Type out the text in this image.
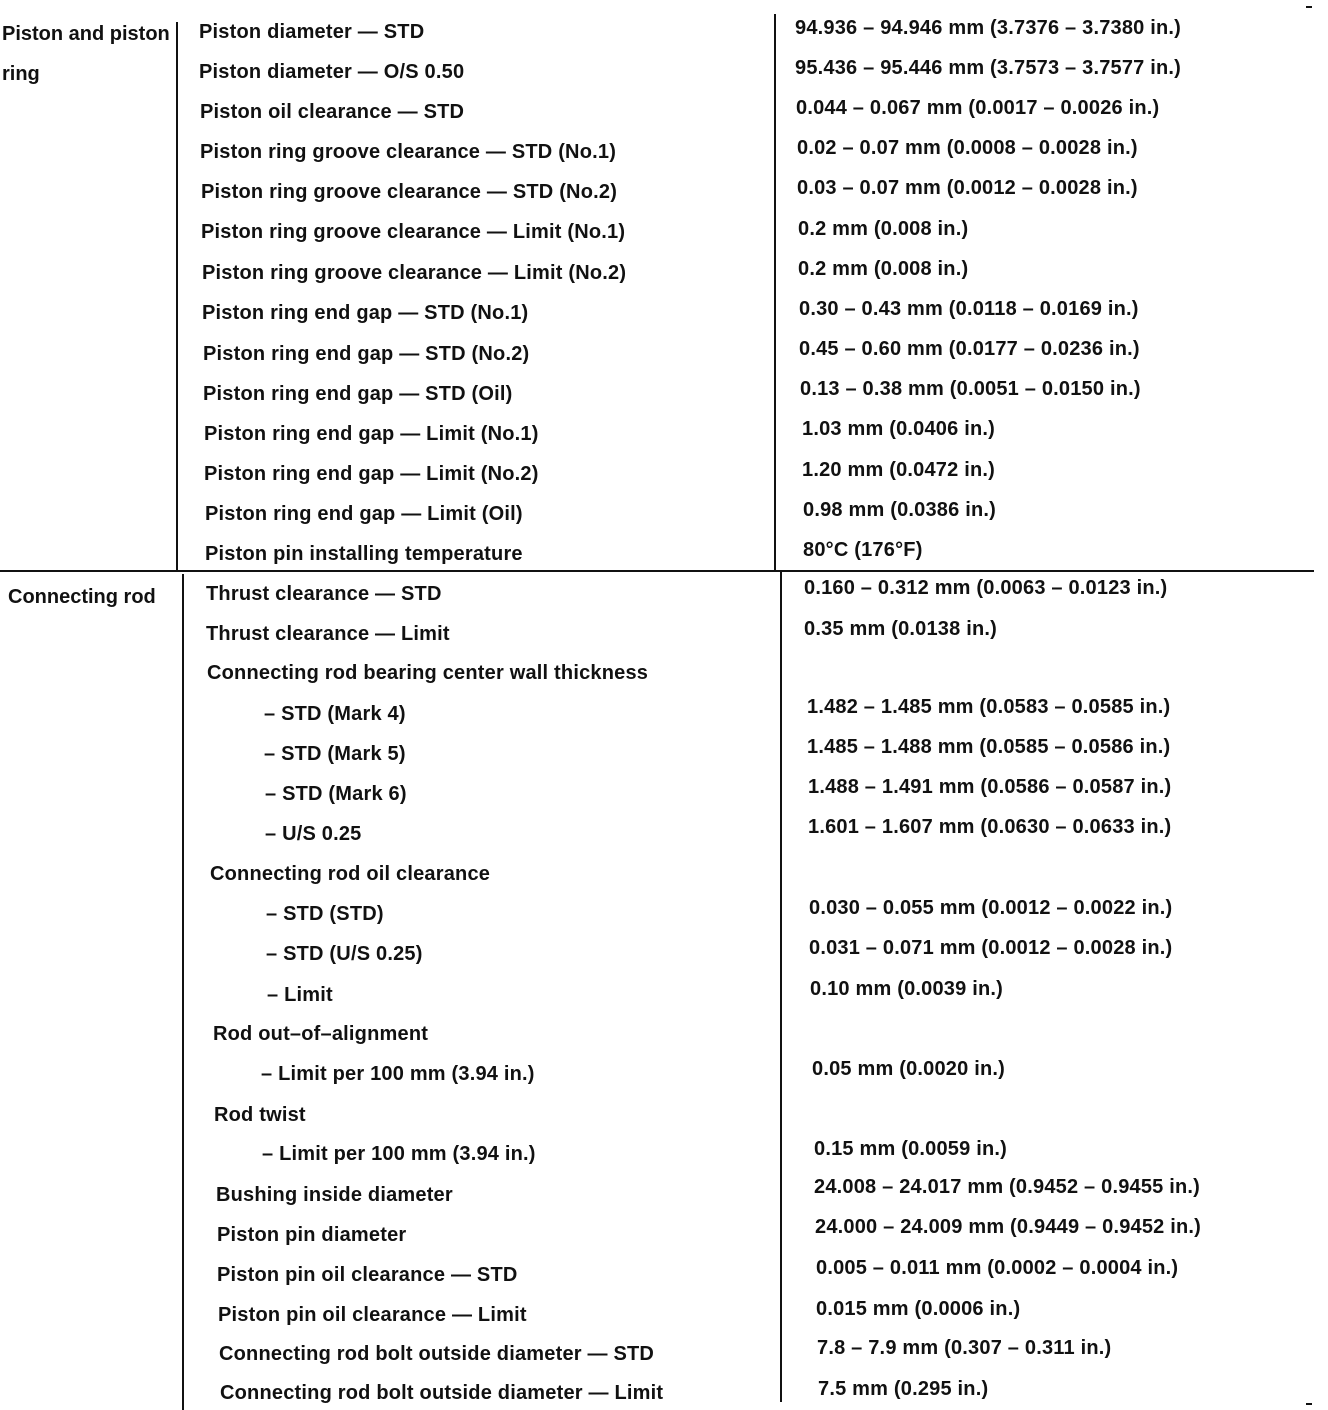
Piston and piston ring
Connecting rod
Piston diameter — STD	94.936 – 94.946 mm (3.7376 – 3.7380 in.)
Piston diameter — O/S 0.50	95.436 – 95.446 mm (3.7573 – 3.7577 in.)
Piston oil clearance — STD	0.044 – 0.067 mm (0.0017 – 0.0026 in.)
Piston ring groove clearance — STD (No.1)	0.02 – 0.07 mm (0.0008 – 0.0028 in.)
Piston ring groove clearance — STD (No.2)	0.03 – 0.07 mm (0.0012 – 0.0028 in.)
Piston ring groove clearance — Limit (No.1)	0.2 mm (0.008 in.)
Piston ring groove clearance — Limit (No.2)	0.2 mm (0.008 in.)
Piston ring end gap — STD (No.1)	0.30 – 0.43 mm (0.0118 – 0.0169 in.)
Piston ring end gap — STD (No.2)	0.45 – 0.60 mm (0.0177 – 0.0236 in.)
Piston ring end gap — STD (Oil)	0.13 – 0.38 mm (0.0051 – 0.0150 in.)
Piston ring end gap — Limit (No.1)	1.03 mm (0.0406 in.)
Piston ring end gap — Limit (No.2)	1.20 mm (0.0472 in.)
Piston ring end gap — Limit (Oil)	0.98 mm (0.0386 in.)
Piston pin installing temperature	80°C (176°F)
Thrust clearance — STD	0.160 – 0.312 mm (0.0063 – 0.0123 in.)
Thrust clearance — Limit	0.35 mm (0.0138 in.)
Connecting rod bearing center wall thickness
– STD (Mark 4)	1.482 – 1.485 mm (0.0583 – 0.0585 in.)
– STD (Mark 5)	1.485 – 1.488 mm (0.0585 – 0.0586 in.)
– STD (Mark 6)	1.488 – 1.491 mm (0.0586 – 0.0587 in.)
– U/S 0.25	1.601 – 1.607 mm (0.0630 – 0.0633 in.)
Connecting rod oil clearance
– STD (STD)	0.030 – 0.055 mm (0.0012 – 0.0022 in.)
– STD (U/S 0.25)	0.031 – 0.071 mm (0.0012 – 0.0028 in.)
– Limit	0.10 mm (0.0039 in.)
Rod out–of–alignment
– Limit per 100 mm (3.94 in.)	0.05 mm (0.0020 in.)
Rod twist
– Limit per 100 mm (3.94 in.)	0.15 mm (0.0059 in.)
Bushing inside diameter	24.008 – 24.017 mm (0.9452 – 0.9455 in.)
Piston pin diameter	24.000 – 24.009 mm (0.9449 – 0.9452 in.)
Piston pin oil clearance — STD	0.005 – 0.011 mm (0.0002 – 0.0004 in.)
Piston pin oil clearance — Limit	0.015 mm (0.0006 in.)
Connecting rod bolt outside diameter — STD	7.8 – 7.9 mm (0.307 – 0.311 in.)
Connecting rod bolt outside diameter — Limit	7.5 mm (0.295 in.)
